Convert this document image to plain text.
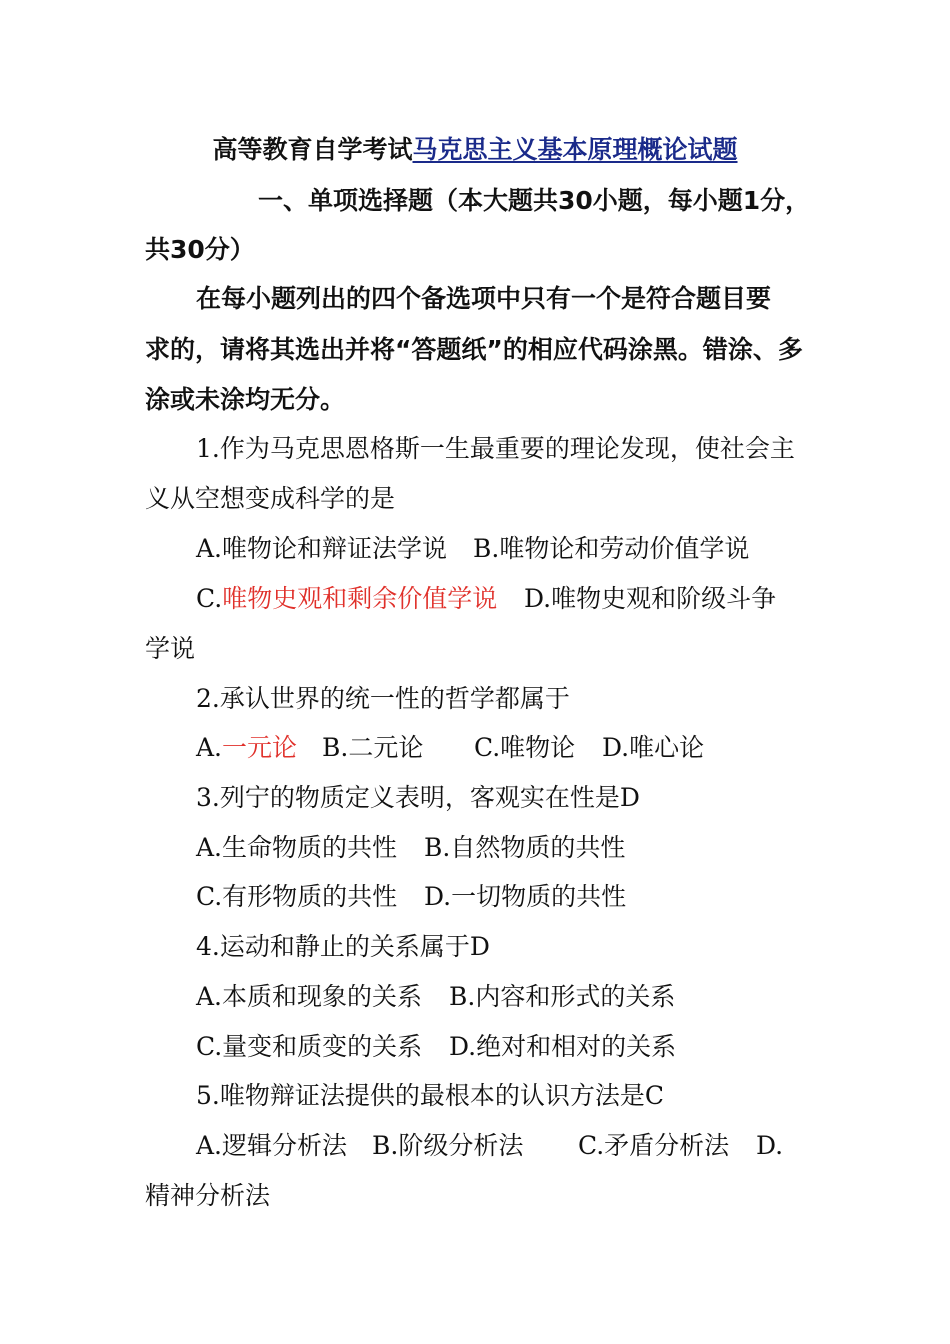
高等教育自学考试马克思主义基本原理概论试题
一、单项选择题（本大题共30小题，每小题1分，
共30分）
在每小题列出的四个备选项中只有一个是符合题目要
求的，请将其选出并将“答题纸”的相应代码涂黑。错涂、多
涂或未涂均无分。
1.作为马克思恩格斯一生最重要的理论发现，使社会主
义从空想变成科学的是
A.唯物论和辩证法学说 B.唯物论和劳动价值学说
C.唯物史观和剩余价值学说 D.唯物史观和阶级斗争
学说
2.承认世界的统一性的哲学都属于
A.一元论 B.二元论 C.唯物论 D.唯心论
3.列宁的物质定义表明，客观实在性是D
A.生命物质的共性 B.自然物质的共性
C.有形物质的共性 D.一切物质的共性
4.运动和静止的关系属于D
A.本质和现象的关系 B.内容和形式的关系
C.量变和质变的关系 D.绝对和相对的关系
5.唯物辩证法提供的最根本的认识方法是C
A.逻辑分析法 B.阶级分析法 C.矛盾分析法 D.
精神分析法
